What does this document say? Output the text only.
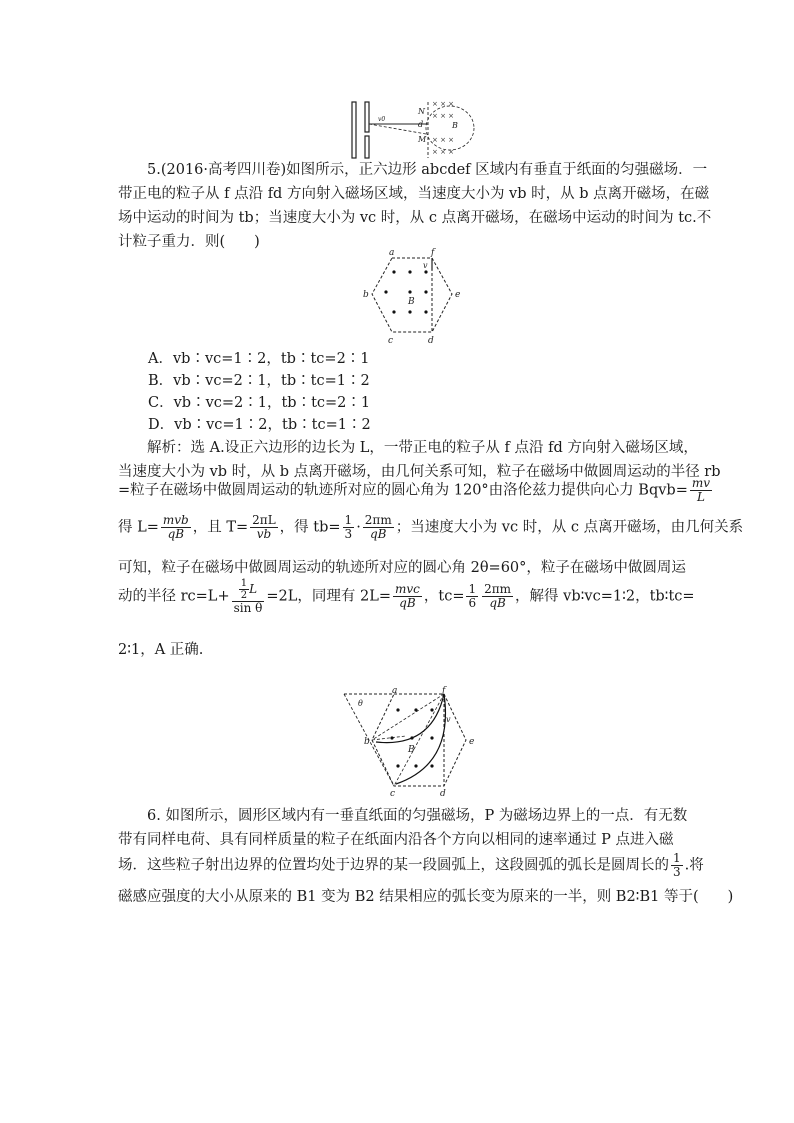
× × ×
× × ×
× × ×
× × ×
N
d
M
B
v0
5.(2016·高考四川卷)如图所示，正六边形 abcdef 区域内有垂直于纸面的匀强磁场．一
带正电的粒子从 f 点沿 fd 方向射入磁场区域，当速度大小为 vb 时，从 b 点离开磁场，在磁
场中运动的时间为 tb；当速度大小为 vc 时，从 c 点离开磁场，在磁场中运动的时间为 tc.不
计粒子重力．则(　　)
a	f
b	e
B
c	d
v
A．vb∶vc=1∶2，tb∶tc=2∶1
B．vb∶vc=2∶1，tb∶tc=1∶2
C．vb∶vc=2∶1，tb∶tc=2∶1
D．vb∶vc=1∶2，tb∶tc=1∶2
解析：选 A.设正六边形的边长为 L，一带正电的粒子从 f 点沿 fd 方向射入磁场区域，
当速度大小为 vb 时，从 b 点离开磁场，由几何关系可知，粒子在磁场中做圆周运动的半径 rb
=粒子在磁场中做圆周运动的轨迹所对应的圆心角为 120°由洛伦兹力提供向心力 Bqvb= $\frac{mv}{L}$
得 $L= \frac{\text{mvb}}{qB}$ ，且 $T= \frac{2\pi L}{vb}$ ，得 $tb= \frac{1}{3} \cdot \frac{2\pi m}{qB}$ ；当速度大小为 vc 时，从 c 点离开磁场，由几何关系
可知，粒子在磁场中做圆周运动的轨迹所对应的圆心角 2θ=60°，粒子在磁场中做圆周运
动的半径 $rc=L+ \frac{\frac{1}{2} L}{\text{sin θ}} =2L$，同理有 $2L= \frac{\text{mvc}}{qB}$ ，$tc= \frac{1}{6} \frac{2\pi m}{qB}$ ，解得 vb∶vc=1∶2，tb∶tc=
2∶1，A 正确.
a	f
b	e
B
c	d
v
θ
6. 如图所示，圆形区域内有一垂直纸面的匀强磁场，P 为磁场边界上的一点．有无数
带有同样电荷、具有同样质量的粒子在纸面内沿各个方向以相同的速率通过 P 点进入磁
场．这些粒子射出边界的位置均处于边界的某一段圆弧上，这段圆弧的弧长是圆周长的 $\frac{1}{3}$ .将
磁感应强度的大小从原来的 B1 变为 B2 结果相应的弧长变为原来的一半，则 B2∶B1 等于(　　)
